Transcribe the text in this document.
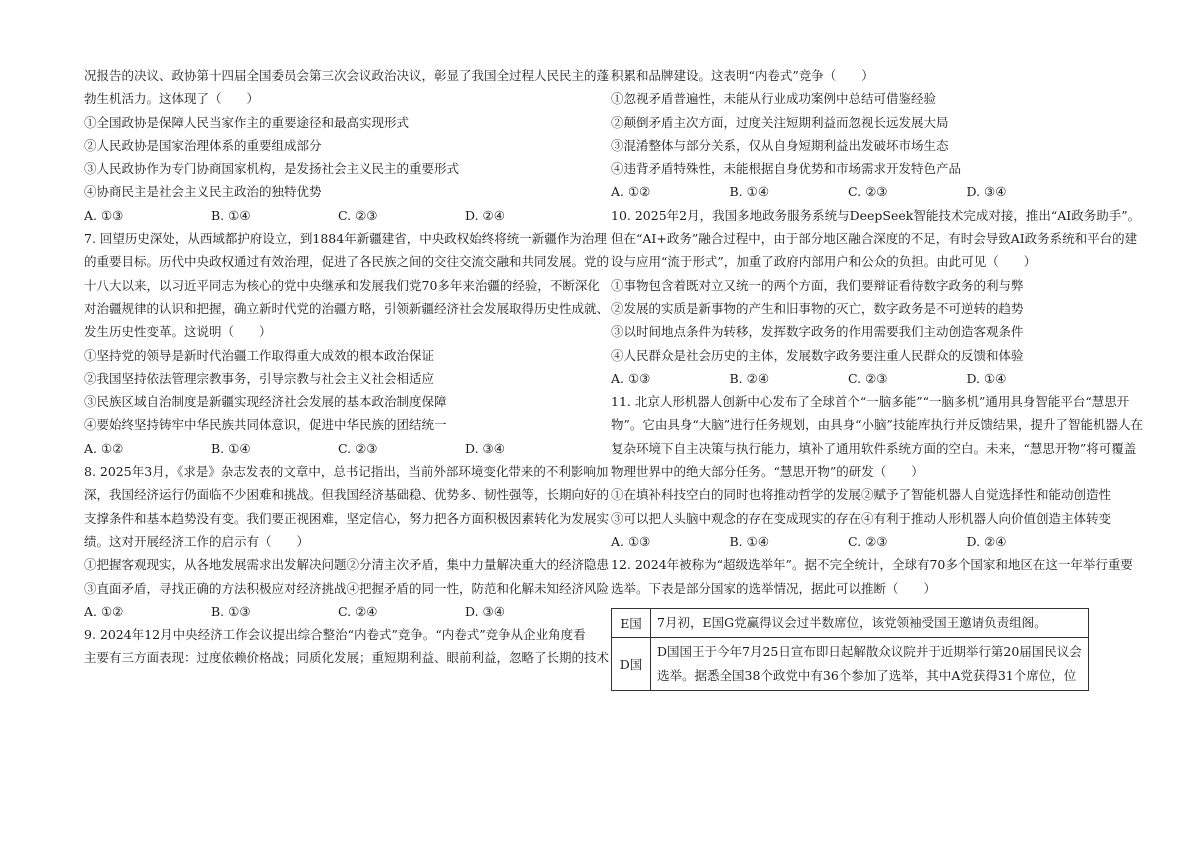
况报告的决议、政协第十四届全国委员会第三次会议政治决议，彰显了我国全过程人民民主的蓬
勃生机活力。这体现了（　　）
①全国政协是保障人民当家作主的重要途径和最高实现形式
②人民政协是国家治理体系的重要组成部分
③人民政协作为专门协商国家机构，是发扬社会主义民主的重要形式
④协商民主是社会主义民主政治的独特优势
A. ①③	B. ①④	C. ②③	D. ②④
7. 回望历史深处，从西域都护府设立，到1884年新疆建省，中央政权始终将统一新疆作为治理
的重要目标。历代中央政权通过有效治理，促进了各民族之间的交往交流交融和共同发展。党的
十八大以来，以习近平同志为核心的党中央继承和发展我们党70多年来治疆的经验，不断深化
对治疆规律的认识和把握，确立新时代党的治疆方略，引领新疆经济社会发展取得历史性成就、
发生历史性变革。这说明（　　）
①坚持党的领导是新时代治疆工作取得重大成效的根本政治保证
②我国坚持依法管理宗教事务，引导宗教与社会主义社会相适应
③民族区域自治制度是新疆实现经济社会发展的基本政治制度保障
④要始终坚持铸牢中华民族共同体意识，促进中华民族的团结统一
A. ①②	B. ①④	C. ②③	D. ③④
8. 2025年3月，《求是》杂志发表的文章中，总书记指出，当前外部环境变化带来的不利影响加
深，我国经济运行仍面临不少困难和挑战。但我国经济基础稳、优势多、韧性强等，长期向好的
支撑条件和基本趋势没有变。我们要正视困难，坚定信心，努力把各方面积极因素转化为发展实
绩。这对开展经济工作的启示有（　　）
①把握客观现实，从各地发展需求出发解决问题②分清主次矛盾，集中力量解决重大的经济隐患
③直面矛盾，寻找正确的方法积极应对经济挑战④把握矛盾的同一性，防范和化解未知经济风险
A. ①②	B. ①③	C. ②④	D. ③④
9. 2024年12月中央经济工作会议提出综合整治“内卷式”竞争。“内卷式”竞争从企业角度看
主要有三方面表现：过度依赖价格战；同质化发展；重短期利益、眼前利益，忽略了长期的技术
积累和品牌建设。这表明“内卷式”竞争（　　）
①忽视矛盾普遍性，未能从行业成功案例中总结可借鉴经验
②颠倒矛盾主次方面，过度关注短期利益而忽视长远发展大局
③混淆整体与部分关系，仅从自身短期利益出发破坏市场生态
④违背矛盾特殊性，未能根据自身优势和市场需求开发特色产品
A. ①②	B. ①④	C. ②③	D. ③④
10. 2025年2月，我国多地政务服务系统与DeepSeek智能技术完成对接，推出“AI政务助手”。
但在“AI+政务”融合过程中，由于部分地区融合深度的不足，有时会导致AI政务系统和平台的建
设与应用“流于形式”，加重了政府内部用户和公众的负担。由此可见（　　）
①事物包含着既对立又统一的两个方面，我们要辩证看待数字政务的利与弊
②发展的实质是新事物的产生和旧事物的灭亡，数字政务是不可逆转的趋势
③以时间地点条件为转移，发挥数字政务的作用需要我们主动创造客观条件
④人民群众是社会历史的主体，发展数字政务要注重人民群众的反馈和体验
A. ①③	B. ②④	C. ②③	D. ①④
11. 北京人形机器人创新中心发布了全球首个“一脑多能”“一脑多机”通用具身智能平台“慧思开
物”。它由具身“大脑”进行任务规划，由具身“小脑”技能库执行并反馈结果，提升了智能机器人在
复杂环境下自主决策与执行能力，填补了通用软件系统方面的空白。未来，“慧思开物”将可覆盖
物理世界中的绝大部分任务。“慧思开物”的研发（　　）
①在填补科技空白的同时也将推动哲学的发展②赋予了智能机器人自觉选择性和能动创造性
③可以把人头脑中观念的存在变成现实的存在④有利于推动人形机器人向价值创造主体转变
A. ①③	B. ①④	C. ②③	D. ②④
12. 2024年被称为“超级选举年”。据不完全统计，全球有70多个国家和地区在这一年举行重要
选举。下表是部分国家的选举情况，据此可以推断（　　）
E国	7月初，E国G党赢得议会过半数席位，该党领袖受国王邀请负责组阁。

D国	D国国王于今年7月25日宣布即日起解散众议院并于近期举行第20届国民议会
选举。据悉全国38个政党中有36个参加了选举，其中A党获得31个席位，位
